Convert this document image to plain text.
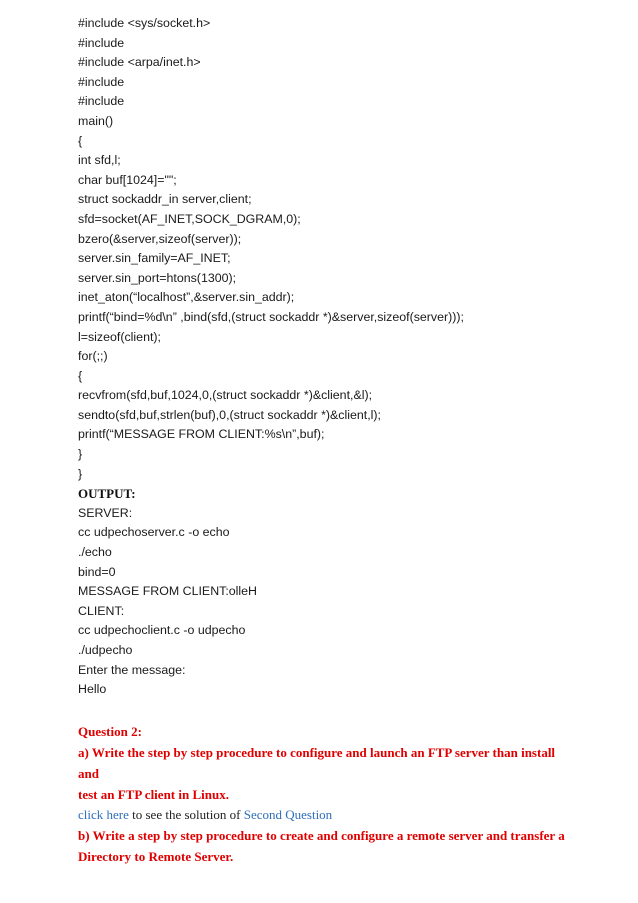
#include <sys/socket.h>
#include
#include <arpa/inet.h>
#include
#include
main()
{
int sfd,l;
char buf[1024]="";
struct sockaddr_in server,client;
sfd=socket(AF_INET,SOCK_DGRAM,0);
bzero(&server,sizeof(server));
server.sin_family=AF_INET;
server.sin_port=htons(1300);
inet_aton(“localhost”,&server.sin_addr);
printf(“bind=%d\n” ,bind(sfd,(struct sockaddr *)&server,sizeof(server)));
l=sizeof(client);
for(;;)
{
recvfrom(sfd,buf,1024,0,(struct sockaddr *)&client,&l);
sendto(sfd,buf,strlen(buf),0,(struct sockaddr *)&client,l);
printf(“MESSAGE FROM CLIENT:%s\n”,buf);
}
}
OUTPUT:
SERVER:
cc udpechoserver.c -o echo
./echo
bind=0
MESSAGE FROM CLIENT:olleH
CLIENT:
cc udpechoclient.c -o udpecho
./udpecho
Enter the message:
Hello
Question 2:
a) Write the step by step procedure to configure and launch an FTP server than install and
test an FTP client in Linux.
click here to see the solution of Second Question
b) Write a step by step procedure to create and configure a remote server and transfer a
Directory to Remote Server.
